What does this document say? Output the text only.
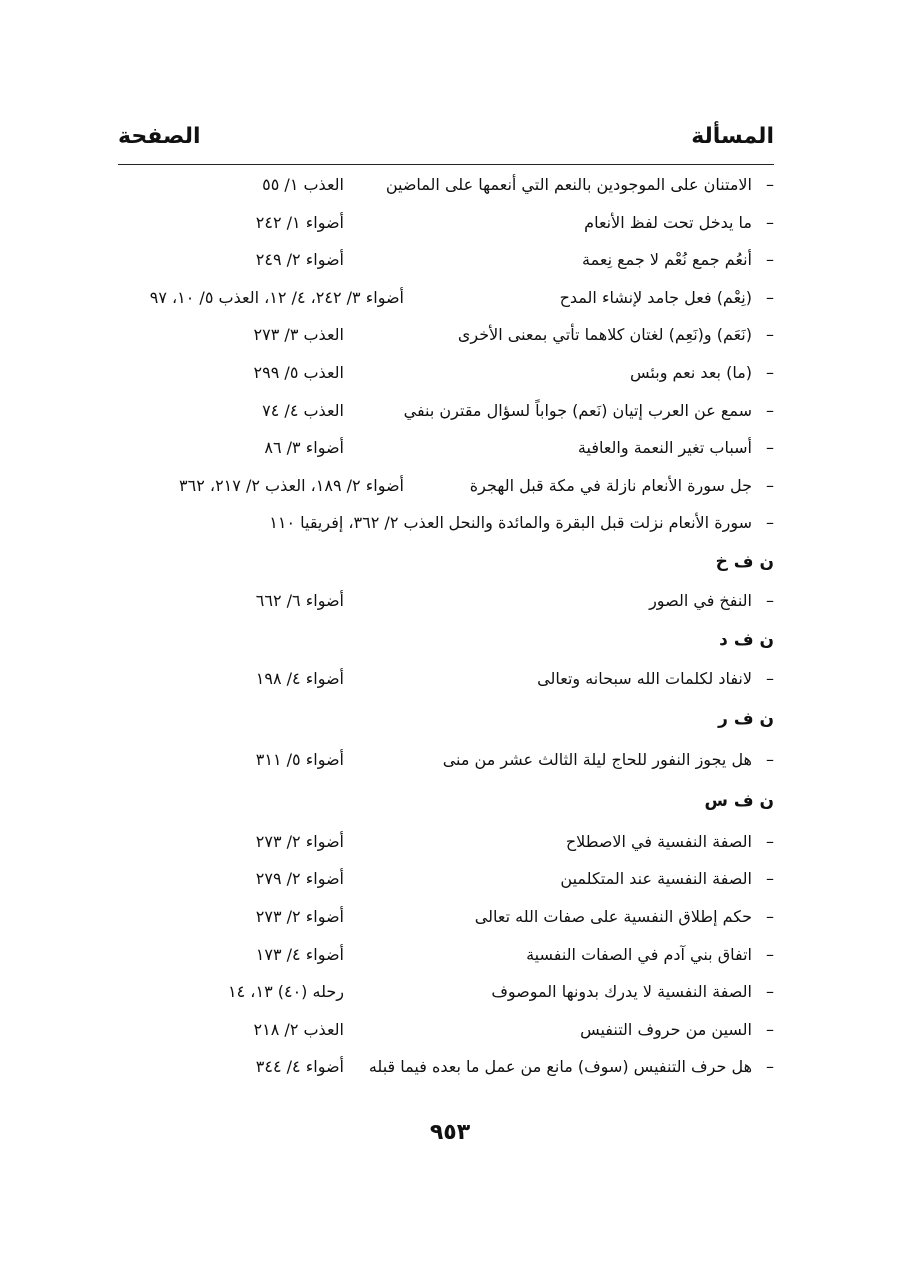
المسألة
الصفحة
–
الامتنان على الموجودين بالنعم التي أنعمها على الماضين
العذب ١/ ٥٥
–
ما يدخل تحت لفظ الأنعام
أضواء ١/ ٢٤٢
–
أنعُم جمع نُعْم لا جمع نِعمة
أضواء ٢/ ٢٤٩
–
(نِعْم) فعل جامد لإنشاء المدح
أضواء ٣/ ٢٤٢، ٤/ ١٢، العذب ٥/ ١٠، ٩٧
–
(نَعَم) و(نَعِم) لغتان كلاهما تأتي بمعنى الأخرى
العذب ٣/ ٢٧٣
–
(ما) بعد نعم وبئس
العذب ٥/ ٢٩٩
–
سمع عن العرب إتيان (نَعم) جواباً لسؤال مقترن بنفي
العذب ٤/ ٧٤
–
أسباب تغير النعمة والعافية
أضواء ٣/ ٨٦
–
جل سورة الأنعام نازلة في مكة قبل الهجرة
أضواء ٢/ ١٨٩، العذب ٢/ ٢١٧، ٣٦٢
–
سورة الأنعام نزلت قبل البقرة والمائدة والنحل
العذب ٢/ ٣٦٢، إفريقيا ١١٠
ن ف خ
–
النفخ في الصور
أضواء ٦/ ٦٦٢
ن ف د
–
لانفاد لكلمات الله سبحانه وتعالى
أضواء ٤/ ١٩٨
ن ف ر
–
هل يجوز النفور للحاج ليلة الثالث عشر من منى
أضواء ٥/ ٣١١
ن ف س
–
الصفة النفسية في الاصطلاح
أضواء ٢/ ٢٧٣
–
الصفة النفسية عند المتكلمين
أضواء ٢/ ٢٧٩
–
حكم إطلاق النفسية على صفات الله تعالى
أضواء ٢/ ٢٧٣
–
اتفاق بني آدم في الصفات النفسية
أضواء ٤/ ١٧٣
–
الصفة النفسية لا يدرك بدونها الموصوف
رحله (٤٠) ١٣، ١٤
–
السين من حروف التنفيس
العذب ٢/ ٢١٨
–
هل حرف التنفيس (سوف) مانع من عمل ما بعده فيما قبله
أضواء ٤/ ٣٤٤
٩٥٣
